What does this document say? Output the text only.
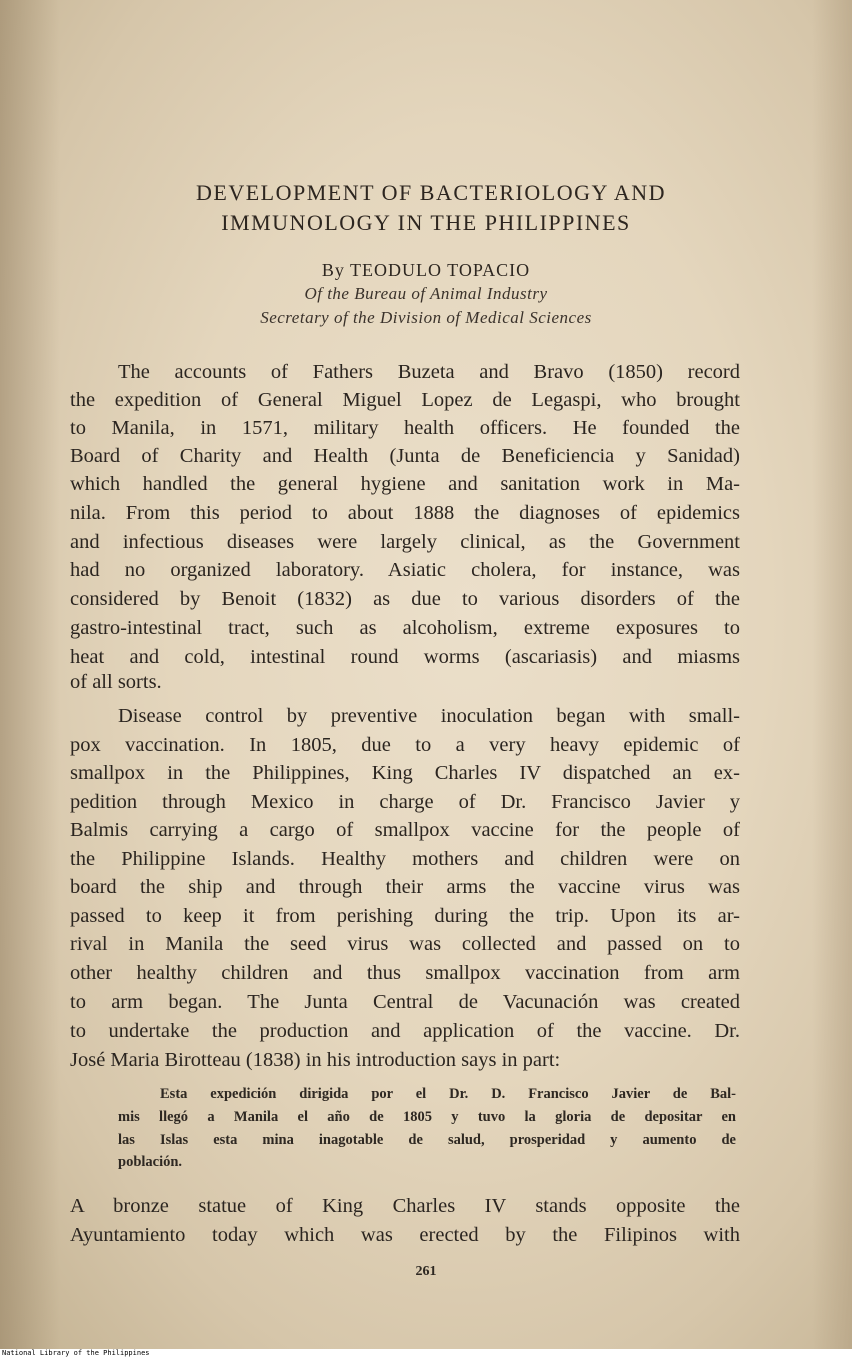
DEVELOPMENT OF BACTERIOLOGY AND
IMMUNOLOGY IN THE PHILIPPINES
By TEODULO TOPACIO
Of the Bureau of Animal Industry
Secretary of the Division of Medical Sciences
The accounts of Fathers Buzeta and Bravo (1850) record
the expedition of General Miguel Lopez de Legaspi, who brought
to Manila, in 1571, military health officers. He founded the
Board of Charity and Health (Junta de Beneficiencia y Sanidad)
which handled the general hygiene and sanitation work in Ma-
nila. From this period to about 1888 the diagnoses of epidemics
and infectious diseases were largely clinical, as the Government
had no organized laboratory. Asiatic cholera, for instance, was
considered by Benoit (1832) as due to various disorders of the
gastro-intestinal tract, such as alcoholism, extreme exposures to
heat and cold, intestinal round worms (ascariasis) and miasms
of all sorts.
Disease control by preventive inoculation began with small-
pox vaccination. In 1805, due to a very heavy epidemic of
smallpox in the Philippines, King Charles IV dispatched an ex-
pedition through Mexico in charge of Dr. Francisco Javier y
Balmis carrying a cargo of smallpox vaccine for the people of
the Philippine Islands. Healthy mothers and children were on
board the ship and through their arms the vaccine virus was
passed to keep it from perishing during the trip. Upon its ar-
rival in Manila the seed virus was collected and passed on to
other healthy children and thus smallpox vaccination from arm
to arm began. The Junta Central de Vacunación was created
to undertake the production and application of the vaccine. Dr.
José Maria Birotteau (1838) in his introduction says in part:
Esta expedición dirigida por el Dr. D. Francisco Javier de Bal-
mis llegó a Manila el año de 1805 y tuvo la gloria de depositar en
las Islas esta mina inagotable de salud, prosperidad y aumento de
población.
A bronze statue of King Charles IV stands opposite the
Ayuntamiento today which was erected by the Filipinos with
261
National Library of the Philippines
